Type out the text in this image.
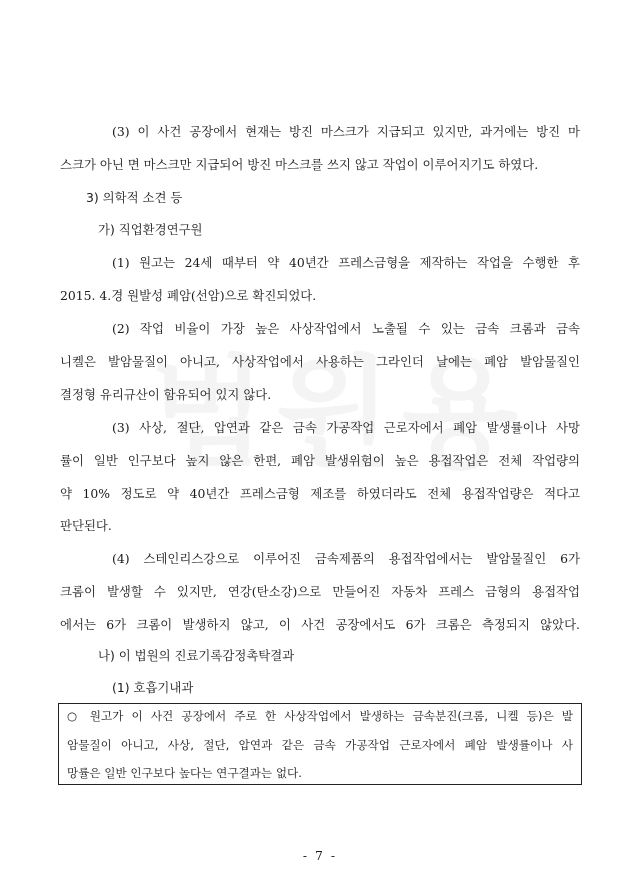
(3) 이 사건 공장에서 현재는 방진 마스크가 지급되고 있지만, 과거에는 방진 마
스크가 아닌 면 마스크만 지급되어 방진 마스크를 쓰지 않고 작업이 이루어지기도 하였다.
3) 의학적 소견 등
가) 직업환경연구원
(1) 원고는 24세 때부터 약 40년간 프레스금형을 제작하는 작업을 수행한 후
2015. 4.경 원발성 폐암(선암)으로 확진되었다.
(2) 작업 비율이 가장 높은 사상작업에서 노출될 수 있는 금속 크롬과 금속
니켈은 발암물질이 아니고, 사상작업에서 사용하는 그라인더 날에는 폐암 발암물질인
결정형 유리규산이 함유되어 있지 않다.
(3) 사상, 절단, 압연과 같은 금속 가공작업 근로자에서 폐암 발생률이나 사망
률이 일반 인구보다 높지 않은 한편, 폐암 발생위험이 높은 용접작업은 전체 작업량의
약 10% 정도로 약 40년간 프레스금형 제조를 하였더라도 전체 용접작업량은 적다고
판단된다.
(4) 스테인리스강으로 이루어진 금속제품의 용접작업에서는 발암물질인 6가
크롬이 발생할 수 있지만, 연강(탄소강)으로 만들어진 자동차 프레스 금형의 용접작업
에서는 6가 크롬이 발생하지 않고, 이 사건 공장에서도 6가 크롬은 측정되지 않았다.
나) 이 법원의 진료기록감정촉탁결과
(1) 호흡기내과
○ 원고가 이 사건 공장에서 주로 한 사상작업에서 발생하는 금속분진(크롬, 니켈 등)은 발
암물질이 아니고, 사상, 절단, 압연과 같은 금속 가공작업 근로자에서 폐암 발생률이나 사
망률은 일반 인구보다 높다는 연구결과는 없다.
- 7 -
